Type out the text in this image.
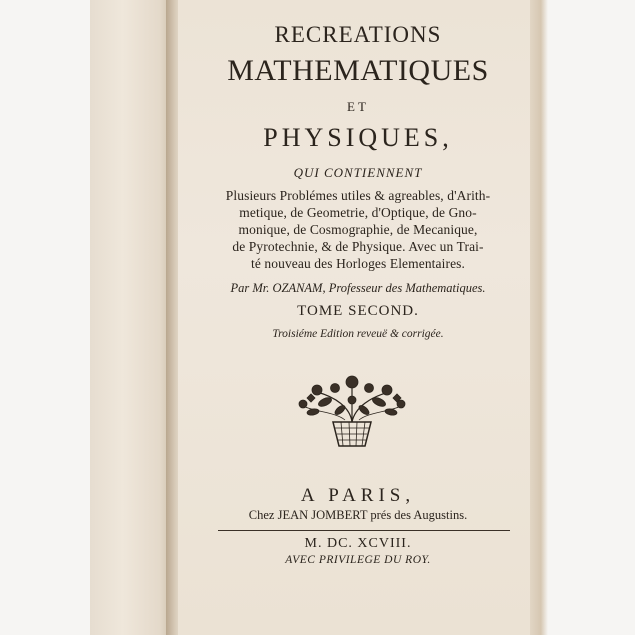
RECREATIONS
MATHEMATIQUES
ET
PHYSIQUES,
QUI CONTIENNENT
Plusieurs Problémes utiles & agreables, d'Arith-
metique, de Geometrie, d'Optique, de Gno-
monique, de Cosmographie, de Mecanique,
de Pyrotechnie, & de Physique. Avec un Trai-
té nouveau des Horloges Elementaires.
Par Mr. OZANAM, Professeur des Mathematiques.
TOME SECOND.
Troisiéme Edition reveuë & corrigée.
A PARIS,
Chez JEAN JOMBERT prés des Augustins.
M. DC. XCVIII.
AVEC PRIVILEGE DU ROY.
